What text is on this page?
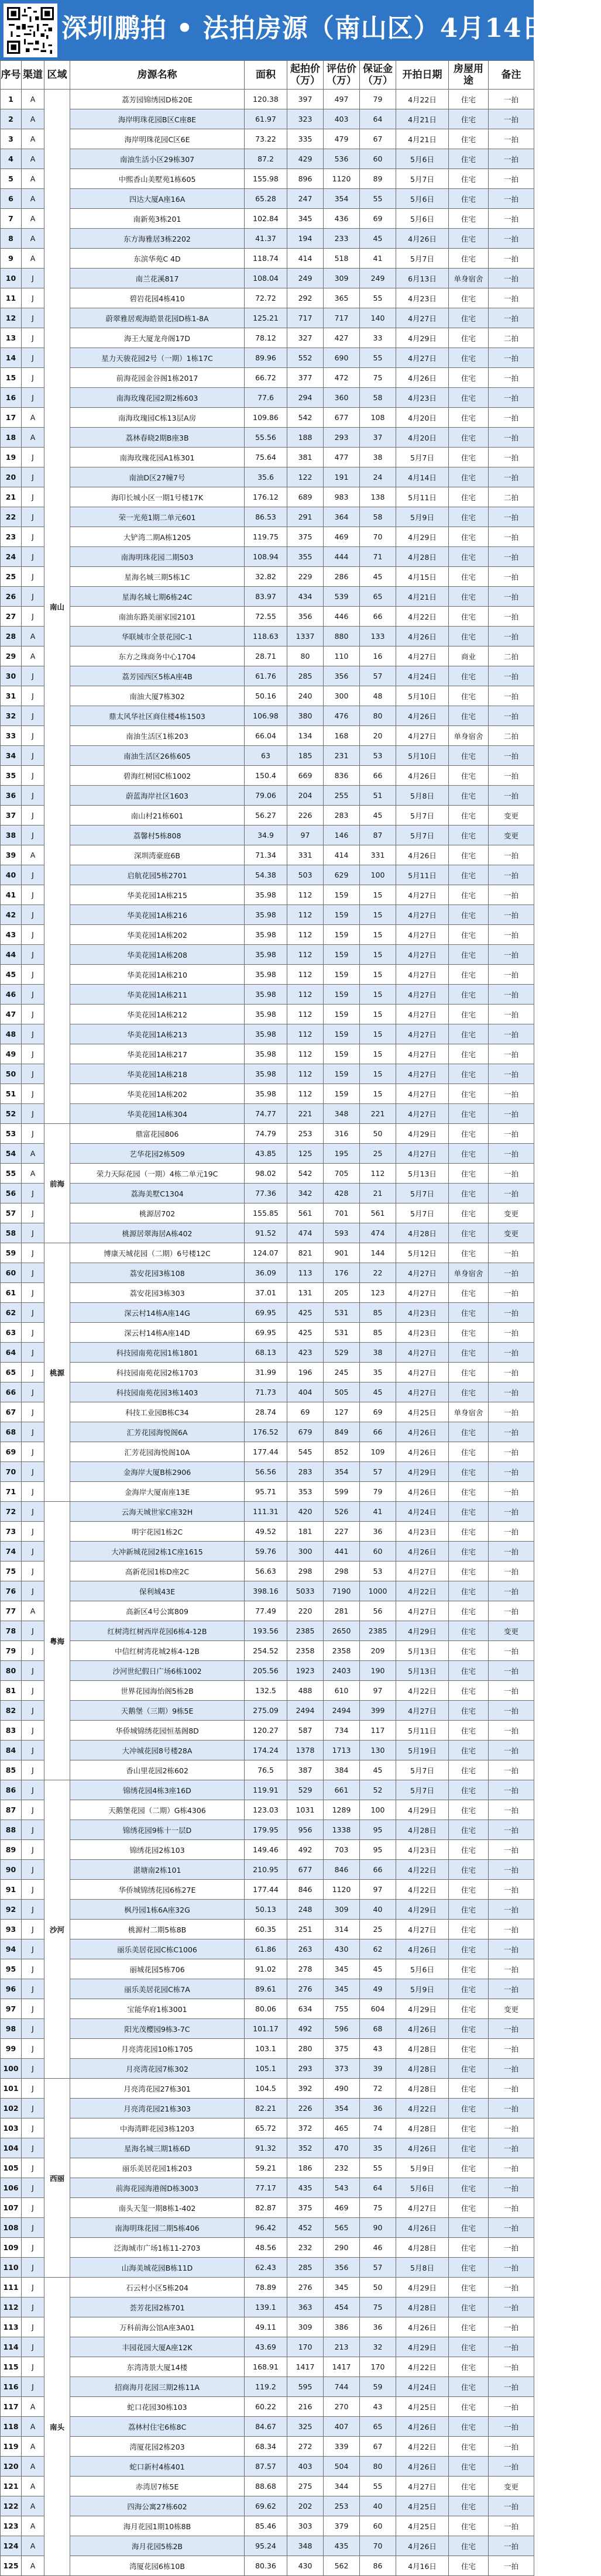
深圳鹏拍 • 法拍房源（南山区）4月14日更新
序号	渠道	区域	房源名称	面积	起拍价（万）	评估价（万）	保证金（万）	开拍日期	房屋用途	备注
1	A	南山	荔芳园锦绣园D栋20E	120.38	397	497	79	4月22日	住宅	一拍
2	A		海岸明珠花园B区C座8E	61.97	323	403	64	4月21日	住宅	一拍
3	A		海岸明珠花园C区6E	73.22	335	479	67	4月21日	住宅	一拍
4	A		南油生活小区29栋307	87.2	429	536	60	5月6日	住宅	一拍
5	A		中熙香山美墅苑1栋605	155.98	896	1120	89	5月7日	住宅	一拍
6	A		四达大厦A座16A	65.28	247	354	55	5月6日	住宅	一拍
7	A		南新苑3栋201	102.84	345	436	69	5月6日	住宅	一拍
8	A		东方海雅居3栋2202	41.37	194	233	45	4月26日	住宅	一拍
9	A		东滨华苑C 4D	118.74	414	518	41	5月7日	住宅	一拍
10	J		南兰花溪817	108.04	249	309	249	6月13日	单身宿舍	一拍
11	J		碧岩花园4栋410	72.72	292	365	55	4月23日	住宅	一拍
12	J		蔚翠雅居观海皓景花园D栋1-8A	125.21	717	717	140	4月27日	住宅	一拍
13	J		海王大厦龙舟阁17D	78.12	327	427	33	4月29日	住宅	二拍
14	J		星力天骏花园2号（一期）1栋17C	89.96	552	690	55	4月27日	住宅	一拍
15	J		前海花园金谷阁1栋2017	66.72	377	472	75	4月26日	住宅	一拍
16	J		南海玫瑰花园2期2栋603	77.6	294	360	58	4月23日	住宅	一拍
17	A		南海玫瑰园C栋13层A房	109.86	542	677	108	4月20日	住宅	一拍
18	A		荔林春晓2期B座3B	55.56	188	293	37	4月20日	住宅	一拍
19	J		南海玫瑰花园A1栋301	75.64	381	477	38	5月7日	住宅	一拍
20	J		南油D区27幢7号	35.6	122	191	24	4月14日	住宅	一拍
21	J		海印长城小区一期1号楼17K	176.12	689	983	138	5月11日	住宅	二拍
22	J		荣一光苑1期二单元601	86.53	291	364	58	5月9日	住宅	一拍
23	J		大铲湾二期A栋1205	119.75	375	469	70	4月29日	住宅	一拍
24	J		南海明珠花园二期503	108.94	355	444	71	4月28日	住宅	一拍
25	J		星海名城三期5栋1C	32.82	229	286	45	4月15日	住宅	一拍
26	J		星海名城七期6栋24C	83.97	434	539	65	4月21日	住宅	一拍
27	J		南油东路美丽家园2101	72.55	356	446	66	4月22日	住宅	一拍
28	A		华联城市全景花园C-1	118.63	1337	880	133	4月26日	住宅	一拍
29	A		东方之珠商务中心1704	28.71	80	110	16	4月27日	商业	二拍
30	J		荔芳园西区5栋A座4B	61.76	285	356	57	4月24日	住宅	一拍
31	J		南油大厦7栋302	50.16	240	300	48	5月10日	住宅	一拍
32	J		鼎太风华社区商住楼4栋1503	106.98	380	476	80	4月26日	住宅	一拍
33	J		南油生活区1栋203	66.04	134	168	20	4月27日	单身宿舍	二拍
34	J		南油生活区26栋605	63	185	231	53	5月10日	住宅	一拍
35	J		碧海红树园C栋1002	150.4	669	836	66	4月26日	住宅	一拍
36	J		蔚蓝海岸社区1603	79.06	204	255	51	5月8日	住宅	一拍
37	J		南山村21栋601	56.27	226	283	45	5月7日	住宅	变更
38	J		荔馨村5栋808	34.9	97	146	87	5月7日	住宅	变更
39	A		深圳湾豪庭6B	71.34	331	414	331	4月26日	住宅	一拍
40	J		启航花园5栋2701	54.38	503	629	100	5月11日	住宅	一拍
41	J		华美花园1A栋215	35.98	112	159	15	4月27日	住宅	一拍
42	J		华美花园1A栋216	35.98	112	159	15	4月27日	住宅	一拍
43	J		华美花园1A栋202	35.98	112	159	15	4月27日	住宅	一拍
44	J		华美花园1A栋208	35.98	112	159	15	4月27日	住宅	一拍
45	J		华美花园1A栋210	35.98	112	159	15	4月27日	住宅	一拍
46	J		华美花园1A栋211	35.98	112	159	15	4月27日	住宅	一拍
47	J		华美花园1A栋212	35.98	112	159	15	4月27日	住宅	一拍
48	J		华美花园1A栋213	35.98	112	159	15	4月27日	住宅	一拍
49	J		华美花园1A栋217	35.98	112	159	15	4月27日	住宅	一拍
50	J		华美花园1A栋218	35.98	112	159	15	4月27日	住宅	一拍
51	J		华美花园1A栋202	35.98	112	159	15	4月27日	住宅	一拍
52	J		华美花园1A栋304	74.77	221	348	221	4月27日	住宅	一拍
53	J	前海	鼎富花园806	74.79	253	316	50	4月29日	住宅	一拍
54	A		艺华花园2栋509	43.85	125	195	25	4月27日	住宅	一拍
55	A		荣力天际花园（一期）4栋二单元19C	98.02	542	705	112	5月13日	住宅	一拍
56	J		荔海美墅C1304	77.36	342	428	21	5月7日	住宅	一拍
57	J		桃源居702	155.85	561	701	561	5月7日	住宅	变更
58	J		桃源居翠海居A栋402	91.52	474	593	474	4月28日	住宅	变更
59	J	桃源	博康天城花园（二期）6号楼12C	124.07	821	901	144	5月12日	住宅	一拍
60	J		荔安花园3栋108	36.09	113	176	22	4月27日	单身宿舍	一拍
61	J		荔安花园3栋303	37.01	131	205	123	4月27日	住宅	一拍
62	J		深云村14栋A座14G	69.95	425	531	85	4月23日	住宅	一拍
63	J		深云村14栋A座14D	69.95	425	531	85	4月23日	住宅	一拍
64	J		科技园南苑花园1栋1801	68.13	423	529	38	4月27日	住宅	一拍
65	J		科技园南苑花园2栋1703	31.99	196	245	35	4月27日	住宅	一拍
66	J		科技园南苑花园3栋1403	71.73	404	505	45	4月27日	住宅	一拍
67	J		科技工业园B栋C34	28.74	69	127	69	4月25日	单身宿舍	一拍
68	J		汇芳花园海悦阁6A	176.52	679	849	66	4月26日	住宅	一拍
69	J		汇芳花园海悦阁10A	177.44	545	852	109	4月26日	住宅	一拍
70	J		金海岸大厦B栋2906	56.56	283	354	57	4月29日	住宅	一拍
71	J		金海岸大厦南座13E	95.71	353	599	79	4月26日	住宅	一拍
72	J	粤海	云海天城世家C座32H	111.31	420	526	41	4月24日	住宅	一拍
73	J		明宇花园1栋2C	49.52	181	227	36	4月23日	住宅	一拍
74	J		大冲新城花园2栋1C座1615	59.76	300	441	60	4月26日	住宅	一拍
75	J		高新花园1栋D座2C	56.63	298	298	53	4月27日	住宅	一拍
76	J		保利城43E	398.16	5033	7190	1000	4月22日	住宅	一拍
77	A		高新区4号公寓809	77.49	220	281	56	4月27日	住宅	一拍
78	J		红树湾红树西岸花园6栋4-12B	193.56	2385	2650	2385	4月29日	住宅	变更
79	J		中信红树湾花城2栋4-12B	254.52	2358	2358	209	5月13日	住宅	一拍
80	J		沙河世纪假日广场6栋1002	205.56	1923	2403	190	5月13日	住宅	一拍
81	J		世界花园海怡阁5栋2B	132.5	488	610	97	4月22日	住宅	一拍
82	J		天鹅堡（三期）9栋5E	275.09	2494	2494	399	4月27日	住宅	一拍
83	J		华侨城锦绣花园恒基阁8D	120.27	587	734	117	5月11日	住宅	一拍
84	J		大冲城花园8号楼28A	174.24	1378	1713	130	5月19日	住宅	一拍
85	J		香山里花园2栋602	76.5	387	384	45	5月7日	住宅	一拍
86	J	沙河	锦绣花园4栋3座16D	119.91	529	661	52	5月7日	住宅	一拍
87	J		天鹅堡花园（二期）G栋4306	123.03	1031	1289	100	4月29日	住宅	一拍
88	J		锦绣花园9栋十一层D	179.95	956	1338	95	4月28日	住宅	一拍
89	J		锦绣花园2栋103	149.46	492	703	95	4月23日	住宅	一拍
90	J		湛塘南2栋101	210.95	677	846	66	4月22日	住宅	一拍
91	J		华侨城锦绣花园6栋27E	177.44	846	1120	97	4月22日	住宅	一拍
92	J		枫丹园1栋6A座32G	50.13	248	309	40	4月29日	住宅	一拍
93	J		桃源村二期5栋8B	60.35	251	314	25	4月27日	住宅	一拍
94	J		丽乐美居花园C栋C1006	61.86	263	430	62	4月26日	住宅	一拍
95	J		丽城花园5栋706	91.02	278	345	45	5月6日	住宅	一拍
96	J		丽乐美居花园C栋7A	89.61	276	345	49	5月9日	住宅	一拍
97	J		宝能华府1栋3001	80.06	634	755	604	4月29日	住宅	变更
98	J		阳光茂樱园9栋3-7C	101.17	492	596	68	4月26日	住宅	一拍
99	J		月亮湾花园10栋1705	103.1	280	375	43	4月28日	住宅	一拍
100	J		月亮湾花园7栋302	105.1	293	373	39	4月28日	住宅	一拍
101	J	西丽	月亮湾花园27栋301	104.5	392	490	72	4月28日	住宅	一拍
102	J		月亮湾花园21栋303	82.21	226	354	36	4月22日	住宅	一拍
103	J		中海湾畔花园3栋1203	65.72	372	465	74	4月28日	住宅	一拍
104	J		星海名城三期1栋6D	91.32	352	470	35	4月26日	住宅	一拍
105	J		丽乐美居花园1栋203	59.21	186	232	55	5月9日	住宅	一拍
106	J		前海花园海港阁D栋3003	77.17	435	543	64	5月6日	住宅	一拍
107	J		南头天玺一期8栋1-402	82.87	375	469	75	4月27日	住宅	一拍
108	J		南海明珠花园二期5栋406	96.42	452	565	90	4月26日	住宅	一拍
109	J		泛海城市广场1栋11-2703	48.56	232	290	46	4月28日	住宅	一拍
110	J		山海美城花园B栋11D	62.43	285	356	57	5月8日	住宅	一拍
111	J	南头	石云村小区5栋204	78.89	276	345	50	4月29日	住宅	一拍
112	J		荟芳花园2栋701	139.1	363	454	75	4月28日	住宅	一拍
113	J		万科前海公馆A座3A01	49.11	309	386	36	4月26日	住宅	一拍
114	J		丰园花园大厦A座12K	43.69	170	213	32	4月29日	住宅	一拍
115	J		东湾湾景大厦14楼	168.91	1417	1417	170	4月22日	住宅	一拍
116	J		招商海月花园三期2栋11A	119.2	595	744	59	4月24日	住宅	一拍
117	A		蛇口花园30栋103	60.22	216	270	43	4月25日	住宅	一拍
118	A		荔林村住宅6栋8C	84.67	325	407	65	4月26日	住宅	一拍
119	A		湾厦花园2栋203	68.34	272	339	67	4月22日	住宅	一拍
120	A		蛇口新村4栋401	87.57	403	504	80	4月26日	住宅	一拍
121	A		赤湾居7栋5E	88.68	275	344	55	4月27日	住宅	变更
122	A		四海公寓27栋602	69.62	202	253	40	4月25日	住宅	一拍
123	A		海月花园1期10栋8B	85.46	303	379	60	4月25日	住宅	一拍
124	A		海月花园5栋2B	95.24	348	435	70	4月26日	住宅	一拍
125	A		湾厦花园6栋10B	80.36	430	562	86	4月16日	住宅	一拍
